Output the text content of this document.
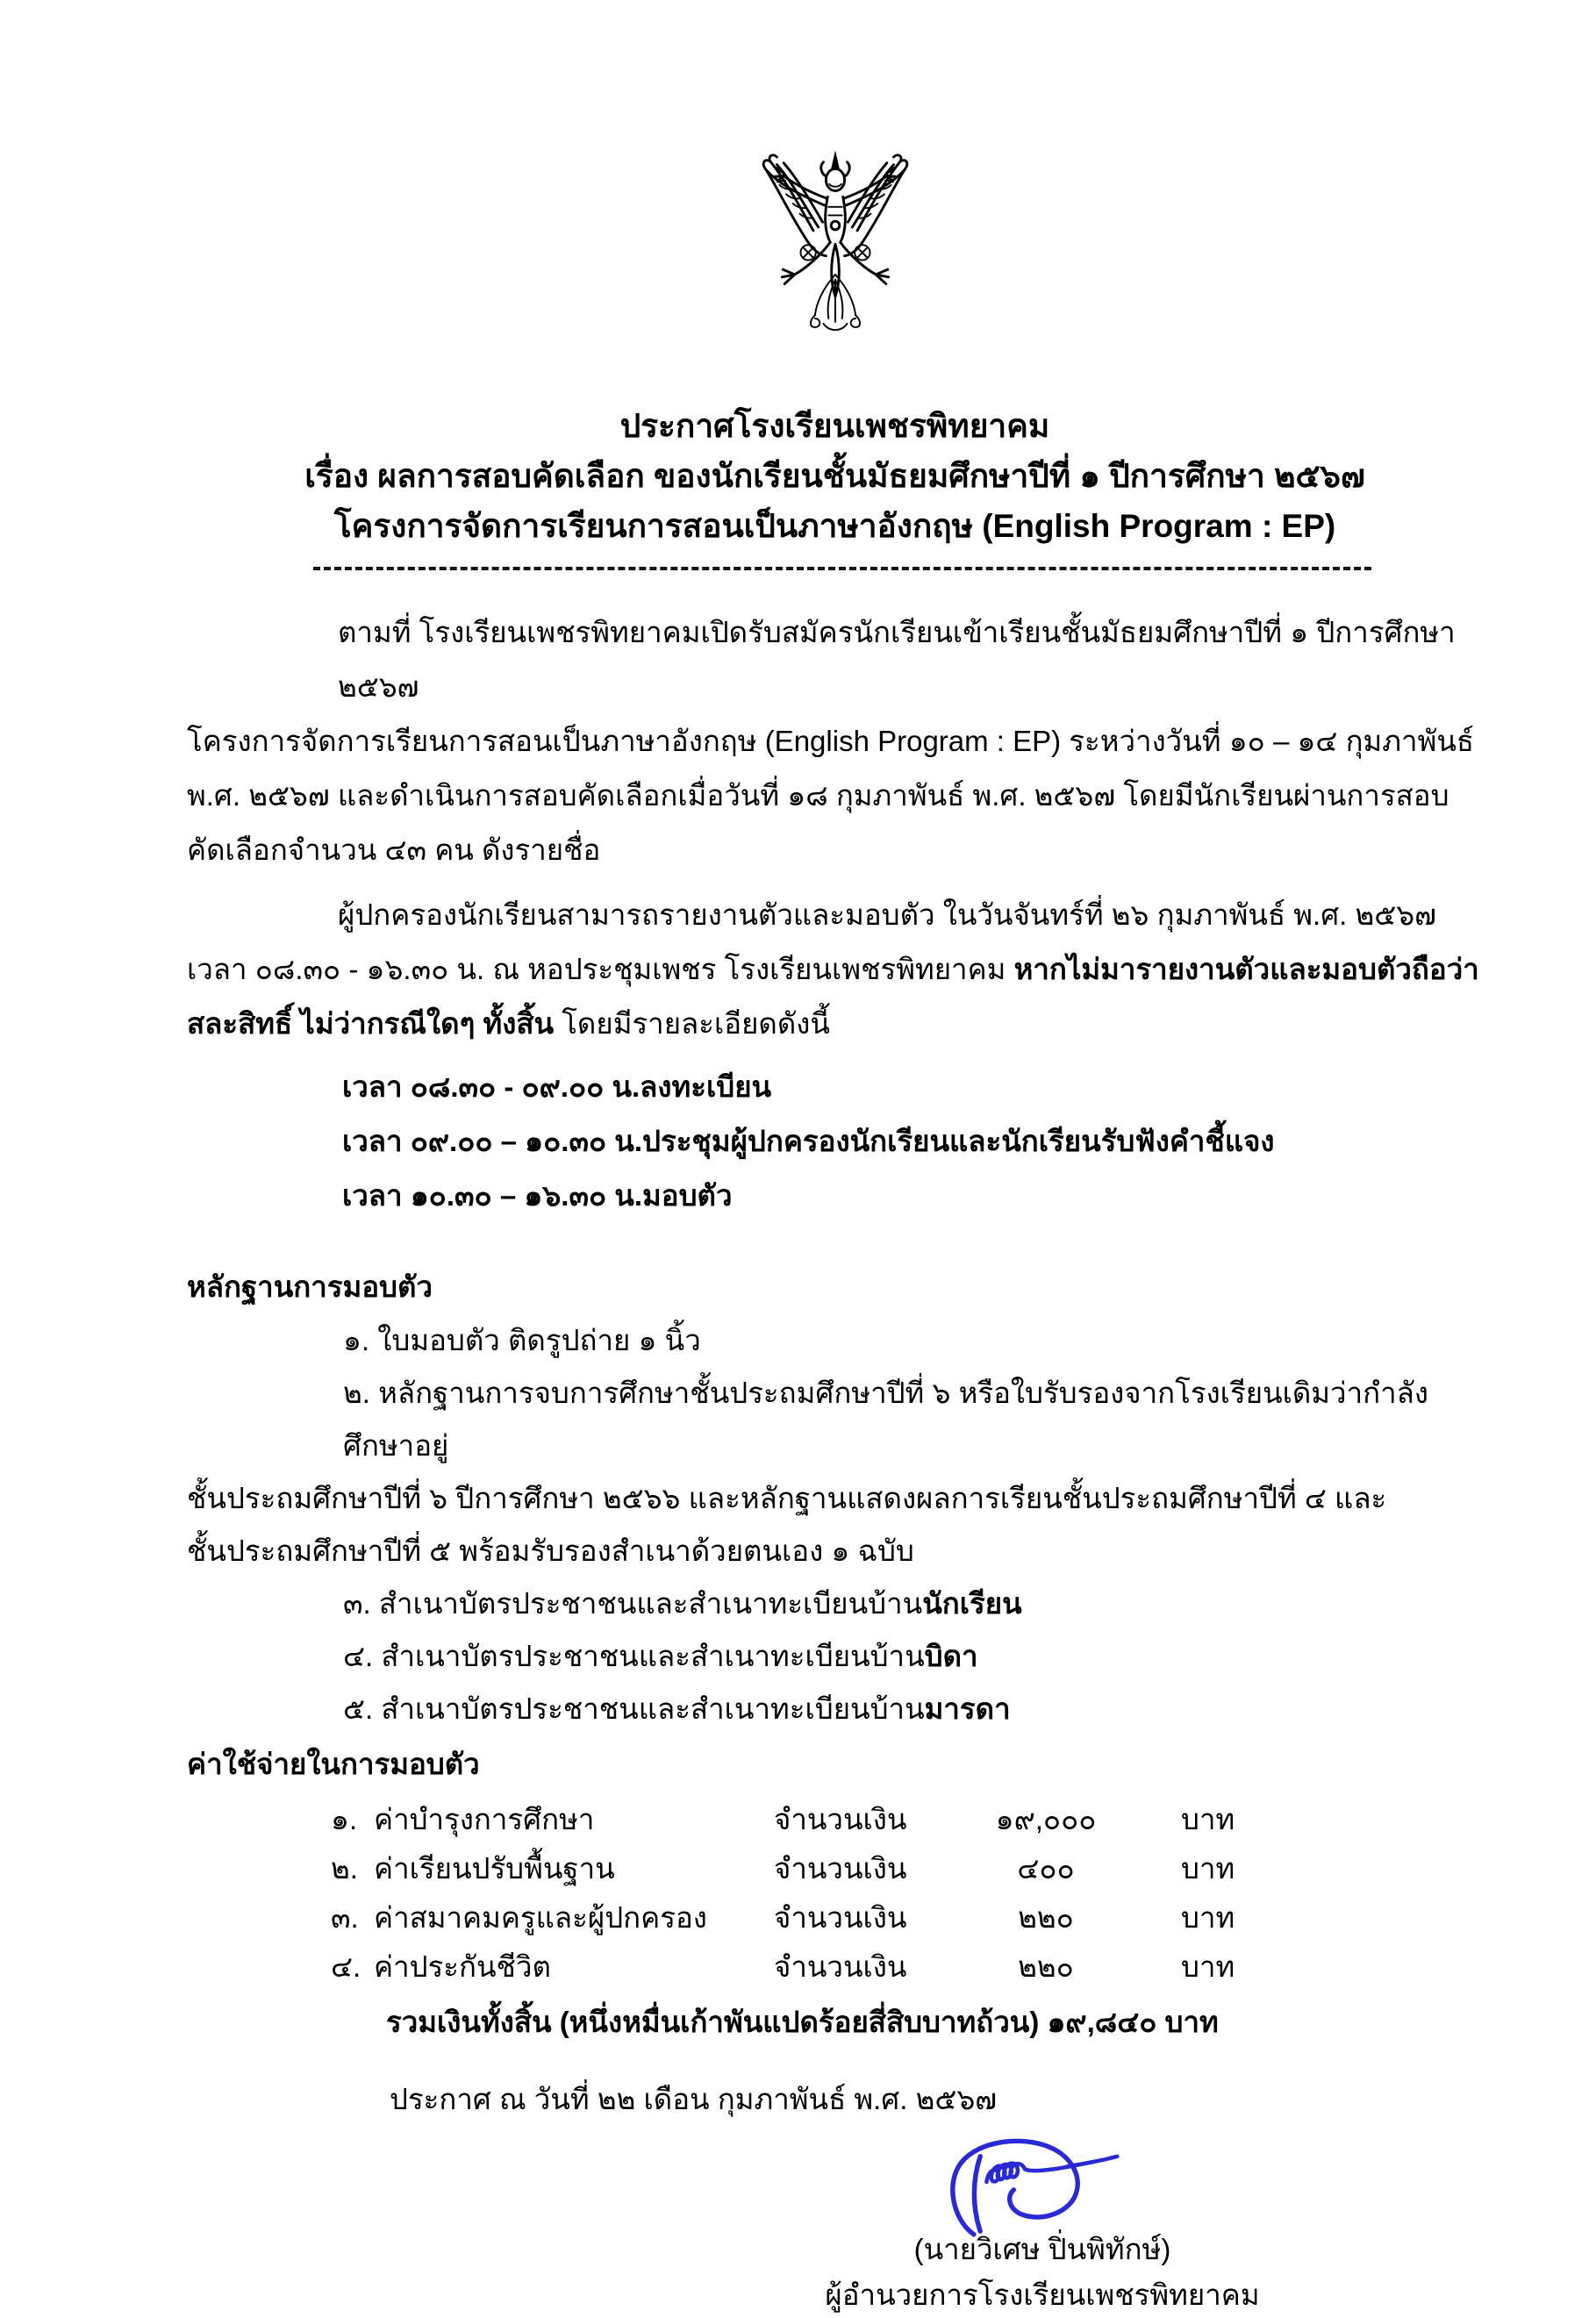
ประกาศโรงเรียนเพชรพิทยาคม
เรื่อง ผลการสอบคัดเลือก ของนักเรียนชั้นมัธยมศึกษาปีที่ ๑ ปีการศึกษา ๒๕๖๗
โครงการจัดการเรียนการสอนเป็นภาษาอังกฤษ (English Program : EP)
ตามที่ โรงเรียนเพชรพิทยาคมเปิดรับสมัครนักเรียนเข้าเรียนชั้นมัธยมศึกษาปีที่ ๑ ปีการศึกษา ๒๕๖๗
โครงการจัดการเรียนการสอนเป็นภาษาอังกฤษ (English Program : EP) ระหว่างวันที่ ๑๐ – ๑๔ กุมภาพันธ์
พ.ศ. ๒๕๖๗ และดำเนินการสอบคัดเลือกเมื่อวันที่ ๑๘ กุมภาพันธ์ พ.ศ. ๒๕๖๗ โดยมีนักเรียนผ่านการสอบ
คัดเลือกจำนวน ๔๓ คน ดังรายชื่อ
ผู้ปกครองนักเรียนสามารถรายงานตัวและมอบตัว ในวันจันทร์ที่ ๒๖ กุมภาพันธ์ พ.ศ. ๒๕๖๗
เวลา ๐๘.๓๐ - ๑๖.๓๐ น. ณ หอประชุมเพชร โรงเรียนเพชรพิทยาคม หากไม่มารายงานตัวและมอบตัวถือว่า
สละสิทธิ์ ไม่ว่ากรณีใดๆ ทั้งสิ้น โดยมีรายละเอียดดังนี้
เวลา ๐๘.๓๐ - ๐๙.๐๐ น.ลงทะเบียน
เวลา ๐๙.๐๐ – ๑๐.๓๐ น.ประชุมผู้ปกครองนักเรียนและนักเรียนรับฟังคำชี้แจง
เวลา ๑๐.๓๐ – ๑๖.๓๐ น.มอบตัว
หลักฐานการมอบตัว
๑. ใบมอบตัว ติดรูปถ่าย ๑ นิ้ว
๒. หลักฐานการจบการศึกษาชั้นประถมศึกษาปีที่ ๖ หรือใบรับรองจากโรงเรียนเดิมว่ากำลังศึกษาอยู่
ชั้นประถมศึกษาปีที่ ๖ ปีการศึกษา ๒๕๖๖ และหลักฐานแสดงผลการเรียนชั้นประถมศึกษาปีที่ ๔ และ
ชั้นประถมศึกษาปีที่ ๕ พร้อมรับรองสำเนาด้วยตนเอง ๑ ฉบับ
๓. สำเนาบัตรประชาชนและสำเนาทะเบียนบ้านนักเรียน
๔. สำเนาบัตรประชาชนและสำเนาทะเบียนบ้านบิดา
๕. สำเนาบัตรประชาชนและสำเนาทะเบียนบ้านมารดา
ค่าใช้จ่ายในการมอบตัว
๑. ค่าบำรุงการศึกษา	จำนวนเงิน	๑๙,๐๐๐	บาท
๒. ค่าเรียนปรับพื้นฐาน	จำนวนเงิน	๔๐๐	บาท
๓. ค่าสมาคมครูและผู้ปกครอง	จำนวนเงิน	๒๒๐	บาท
๔. ค่าประกันชีวิต	จำนวนเงิน	๒๒๐	บาท
รวมเงินทั้งสิ้น (หนึ่งหมื่นเก้าพันแปดร้อยสี่สิบบาทถ้วน) ๑๙,๘๔๐ บาท
ประกาศ ณ วันที่ ๒๒ เดือน กุมภาพันธ์ พ.ศ. ๒๕๖๗
(นายวิเศษ ปิ่นพิทักษ์)
ผู้อำนวยการโรงเรียนเพชรพิทยาคม
